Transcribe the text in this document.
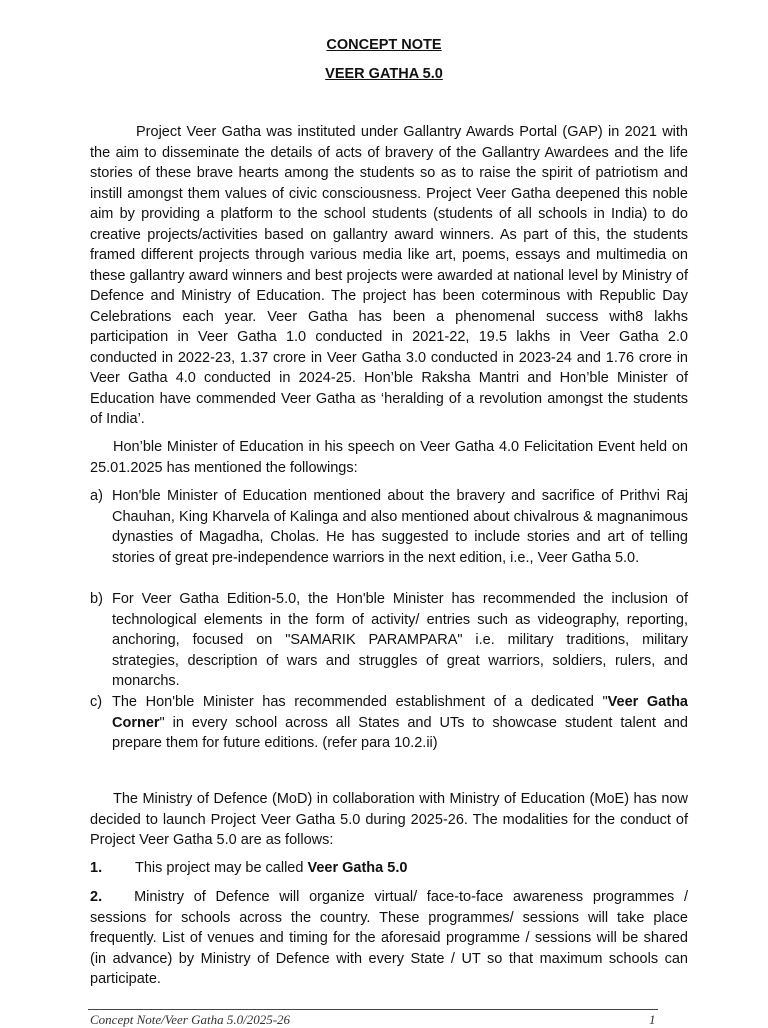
CONCEPT NOTE
VEER GATHA 5.0

Project Veer Gatha was instituted under Gallantry Awards Portal (GAP) in 2021 with the aim to disseminate the details of acts of bravery of the Gallantry Awardees and the life stories of these brave hearts among the students so as to raise the spirit of patriotism and instill amongst them values of civic consciousness. Project Veer Gatha deepened this noble aim by providing a platform to the school students (students of all schools in India) to do creative projects/activities based on gallantry award winners. As part of this, the students framed different projects through various media like art, poems, essays and multimedia on these gallantry award winners and best projects were awarded at national level by Ministry of Defence and Ministry of Education. The project has been coterminous with Republic Day Celebrations each year. Veer Gatha has been a phenomenal success with8 lakhs participation in Veer Gatha 1.0 conducted in 2021-22, 19.5 lakhs in Veer Gatha 2.0 conducted in 2022-23, 1.37 crore in Veer Gatha 3.0 conducted in 2023-24 and 1.76 crore in Veer Gatha 4.0 conducted in 2024-25. Hon’ble Raksha Mantri and Hon’ble Minister of Education have commended Veer Gatha as ‘heralding of a revolution amongst the students of India’.

Hon’ble Minister of Education in his speech on Veer Gatha 4.0 Felicitation Event held on 25.01.2025 has mentioned the followings:

a) Hon'ble Minister of Education mentioned about the bravery and sacrifice of Prithvi Raj Chauhan, King Kharvela of Kalinga and also mentioned about chivalrous & magnanimous dynasties of Magadha, Cholas. He has suggested to include stories and art of telling stories of great pre-independence warriors in the next edition, i.e., Veer Gatha 5.0.
b) For Veer Gatha Edition-5.0, the Hon'ble Minister has recommended the inclusion of technological elements in the form of activity/ entries such as videography, reporting, anchoring, focused on "SAMARIK PARAMPARA" i.e. military traditions, military strategies, description of wars and struggles of great warriors, soldiers, rulers, and monarchs.
c) The Hon'ble Minister has recommended establishment of a dedicated "Veer Gatha Corner" in every school across all States and UTs to showcase student talent and prepare them for future editions. (refer para 10.2.ii)

The Ministry of Defence (MoD) in collaboration with Ministry of Education (MoE) has now decided to launch Project Veer Gatha 5.0 during 2025-26. The modalities for the conduct of Project Veer Gatha 5.0 are as follows:

1. This project may be called Veer Gatha 5.0

2. Ministry of Defence will organize virtual/ face-to-face awareness programmes / sessions for schools across the country. These programmes/ sessions will take place frequently. List of venues and timing for the aforesaid programme / sessions will be shared (in advance) by Ministry of Defence with every State / UT so that maximum schools can participate.

Concept Note/Veer Gatha 5.0/2025-26	1
